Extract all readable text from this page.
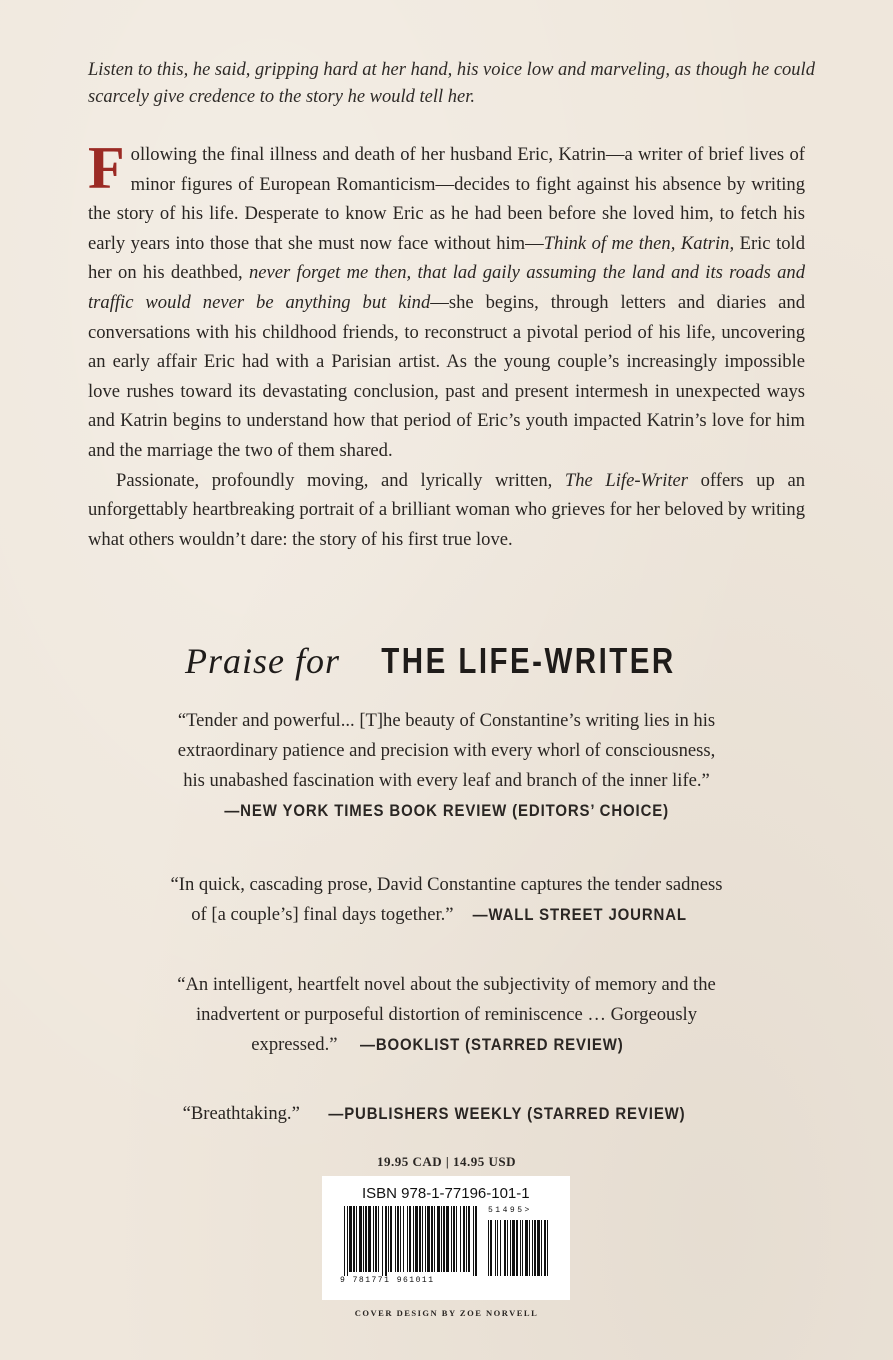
Listen to this, he said, gripping hard at her hand, his voice low and marveling, as though he could scarcely give credence to the story he would tell her.

Following the final illness and death of her husband Eric, Katrin—a writer of brief lives of minor figures of European Romanticism—decides to fight against his absence by writing the story of his life. Desperate to know Eric as he had been before she loved him, to fetch his early years into those that she must now face without him—Think of me then, Katrin, Eric told her on his deathbed, never forget me then, that lad gaily assuming the land and its roads and traffic would never be anything but kind—she begins, through letters and diaries and conversations with his childhood friends, to reconstruct a pivotal period of his life, uncovering an early affair Eric had with a Parisian artist. As the young couple’s increasingly impossible love rushes toward its devastating conclusion, past and present intermesh in unexpected ways and Katrin begins to understand how that period of Eric’s youth impacted Katrin’s love for him and the marriage the two of them shared.

Passionate, profoundly moving, and lyrically written, The Life-Writer offers up an unforgettably heartbreaking portrait of a brilliant woman who grieves for her beloved by writing what others wouldn’t dare: the story of his first true love.

Praise for THE LIFE-WRITER
“Tender and powerful... [T]he beauty of Constantine’s writing lies in his
extraordinary patience and precision with every whorl of consciousness,
his unabashed fascination with every leaf and branch of the inner life.”
—NEW YORK TIMES BOOK REVIEW (EDITORS’ CHOICE)
“In quick, cascading prose, David Constantine captures the tender sadness
of [a couple’s] final days together.” —WALL STREET JOURNAL
“An intelligent, heartfelt novel about the subjectivity of memory and the
inadvertent or purposeful distortion of reminiscence … Gorgeously
expressed.” —BOOKLIST (STARRED REVIEW)
“Breathtaking.” —PUBLISHERS WEEKLY (STARRED REVIEW)
19.95 CAD | 14.95 USD
ISBN 978-1-77196-101-1
9 781771 961011
51495>
COVER DESIGN BY ZOE NORVELL
